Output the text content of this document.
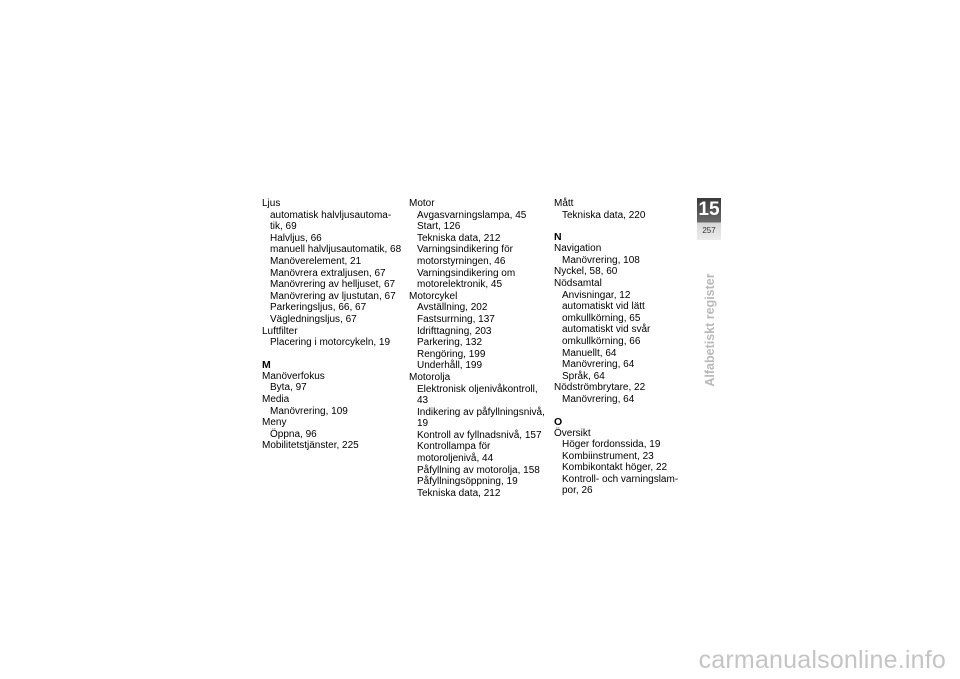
Ljus
automatisk halvljusautoma-
tik, 69
Halvljus, 66
manuell halvljusautomatik, 68
Manöverelement, 21
Manövrera extraljusen, 67
Manövrering av helljuset, 67
Manövrering av ljustutan, 67
Parkeringsljus, 66, 67
Vägledningsljus, 67
Luftfilter
Placering i motorcykeln, 19
M
Manöverfokus
Byta, 97
Media
Manövrering, 109
Meny
Öppna, 96
Mobilitetstjänster, 225
Motor
Avgasvarningslampa, 45
Start, 126
Tekniska data, 212
Varningsindikering för
motorstyrningen, 46
Varningsindikering om
motorelektronik, 45
Motorcykel
Avställning, 202
Fastsurrning, 137
Idrifttagning, 203
Parkering, 132
Rengöring, 199
Underhåll, 199
Motorolja
Elektronisk oljenivåkontroll, 43
Indikering av påfyllningsnivå, 19
Kontroll av fyllnadsnivå, 157
Kontrollampa för
motoroljenivå, 44
Påfyllning av motorolja, 158
Påfyllningsöppning, 19
Tekniska data, 212
Mått
Tekniska data, 220
N
Navigation
Manövrering, 108
Nyckel, 58, 60
Nödsamtal
Anvisningar, 12
automatiskt vid lätt
omkullkörning, 65
automatiskt vid svår
omkullkörning, 66
Manuellt, 64
Manövrering, 64
Språk, 64
Nödströmbrytare, 22
Manövrering, 64
O
Översikt
Höger fordonssida, 19
Kombiinstrument, 23
Kombikontakt höger, 22
Kontroll- och varningslam-
por, 26
15
257
Alfabetiskt register
carmanualsonline.info
